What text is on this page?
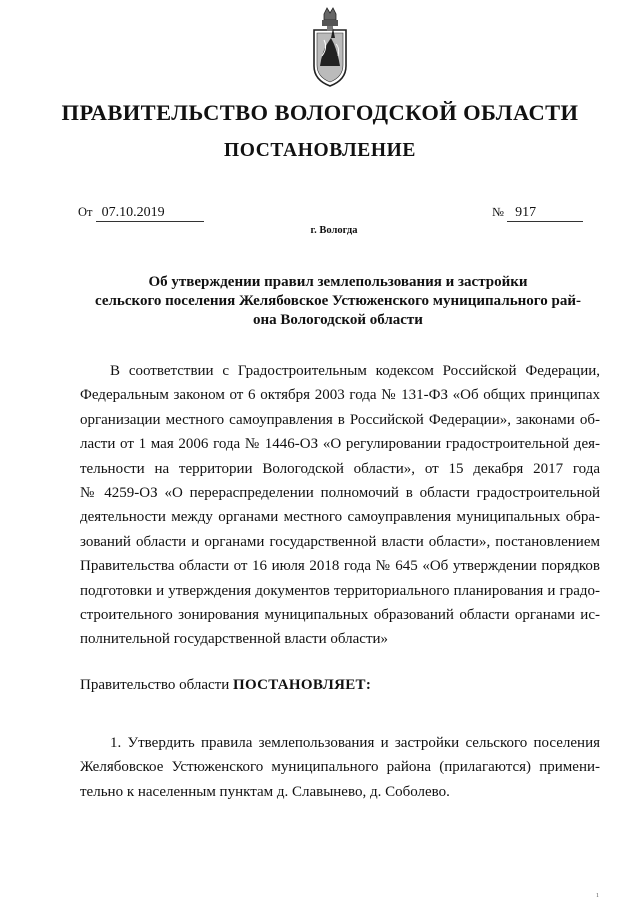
ПРАВИТЕЛЬСТВО ВОЛОГОДСКОЙ ОБЛАСТИ
ПОСТАНОВЛЕНИЕ
От 07.10.2019	№ 917
г. Вологда
Об утверждении правил землепользования и застройки
сельского поселения Желябовское Устюженского муниципального рай-
она Вологодской области
В соответствии с Градостроительным кодексом Российской Федерации,
Федеральным законом от 6 октября 2003 года № 131-ФЗ «Об общих принципах
организации местного самоуправления в Российской Федерации», законами об-
ласти от 1 мая 2006 года № 1446-ОЗ «О регулировании градостроительной дея-
тельности на территории Вологодской области», от 15 декабря 2017 года
№ 4259-ОЗ «О перераспределении полномочий в области градостроительной
деятельности между органами местного самоуправления муниципальных обра-
зований области и органами государственной власти области», постановлением
Правительства области от 16 июля 2018 года № 645 «Об утверждении порядков
подготовки и утверждения документов территориального планирования и градо-
строительного зонирования муниципальных образований области органами ис-
полнительной государственной власти области»
Правительство области ПОСТАНОВЛЯЕТ:
1. Утвердить правила землепользования и застройки сельского поселения
Желябовское Устюженского муниципального района (прилагаются) примени-
тельно к населенным пунктам д. Славынево, д. Соболево.
1
